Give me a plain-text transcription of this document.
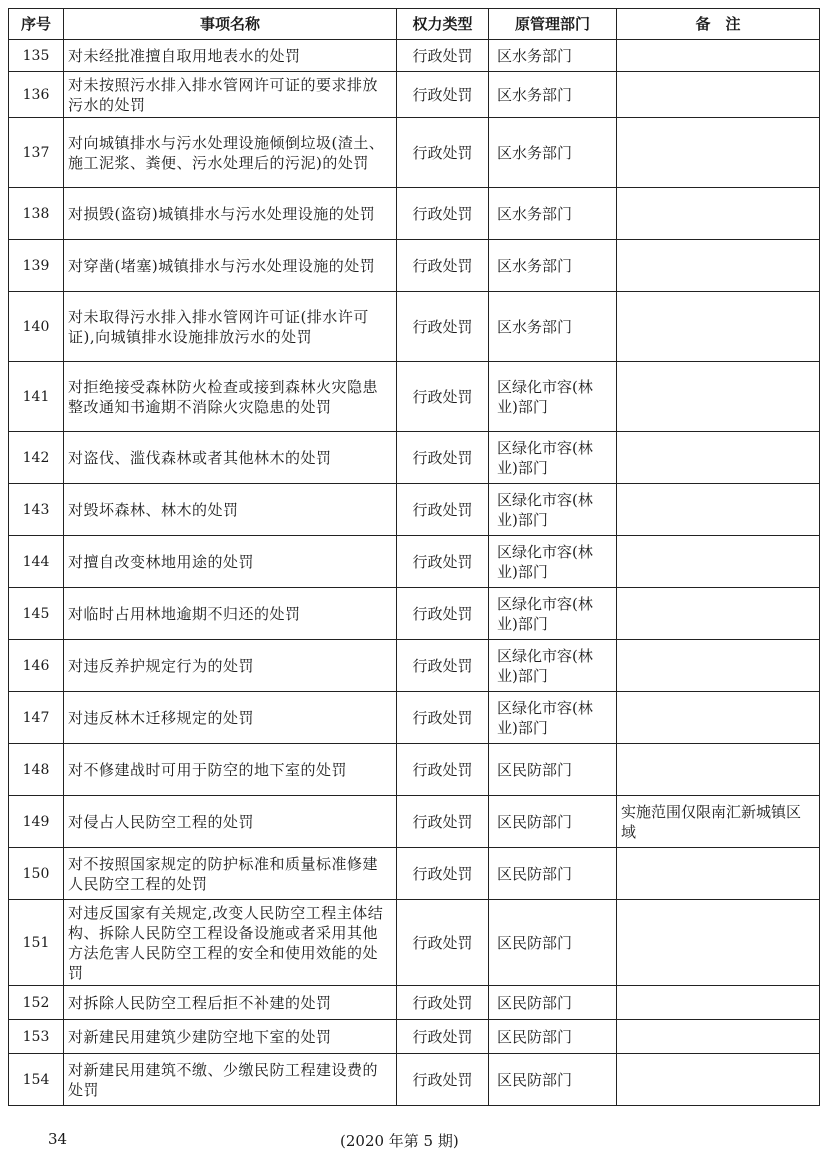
序号	事项名称	权力类型	原管理部门	备　注
135	对未经批准擅自取用地表水的处罚	行政处罚	区水务部门	
136	对未按照污水排入排水管网许可证的要求排放污水的处罚	行政处罚	区水务部门	
137	对向城镇排水与污水处理设施倾倒垃圾(渣土、施工泥浆、粪便、污水处理后的污泥)的处罚	行政处罚	区水务部门	
138	对损毁(盗窃)城镇排水与污水处理设施的处罚	行政处罚	区水务部门	
139	对穿凿(堵塞)城镇排水与污水处理设施的处罚	行政处罚	区水务部门	
140	对未取得污水排入排水管网许可证(排水许可证),向城镇排水设施排放污水的处罚	行政处罚	区水务部门	
141	对拒绝接受森林防火检查或接到森林火灾隐患整改通知书逾期不消除火灾隐患的处罚	行政处罚	区绿化市容(林业)部门	
142	对盗伐、滥伐森林或者其他林木的处罚	行政处罚	区绿化市容(林业)部门	
143	对毁坏森林、林木的处罚	行政处罚	区绿化市容(林业)部门	
144	对擅自改变林地用途的处罚	行政处罚	区绿化市容(林业)部门	
145	对临时占用林地逾期不归还的处罚	行政处罚	区绿化市容(林业)部门	
146	对违反养护规定行为的处罚	行政处罚	区绿化市容(林业)部门	
147	对违反林木迁移规定的处罚	行政处罚	区绿化市容(林业)部门	
148	对不修建战时可用于防空的地下室的处罚	行政处罚	区民防部门	
149	对侵占人民防空工程的处罚	行政处罚	区民防部门	实施范围仅限南汇新城镇区域
150	对不按照国家规定的防护标准和质量标准修建人民防空工程的处罚	行政处罚	区民防部门	
151	对违反国家有关规定,改变人民防空工程主体结构、拆除人民防空工程设备设施或者采用其他方法危害人民防空工程的安全和使用效能的处罚	行政处罚	区民防部门	
152	对拆除人民防空工程后拒不补建的处罚	行政处罚	区民防部门	
153	对新建民用建筑少建防空地下室的处罚	行政处罚	区民防部门	
154	对新建民用建筑不缴、少缴民防工程建设费的处罚	行政处罚	区民防部门	
34	(2020 年第 5 期)
